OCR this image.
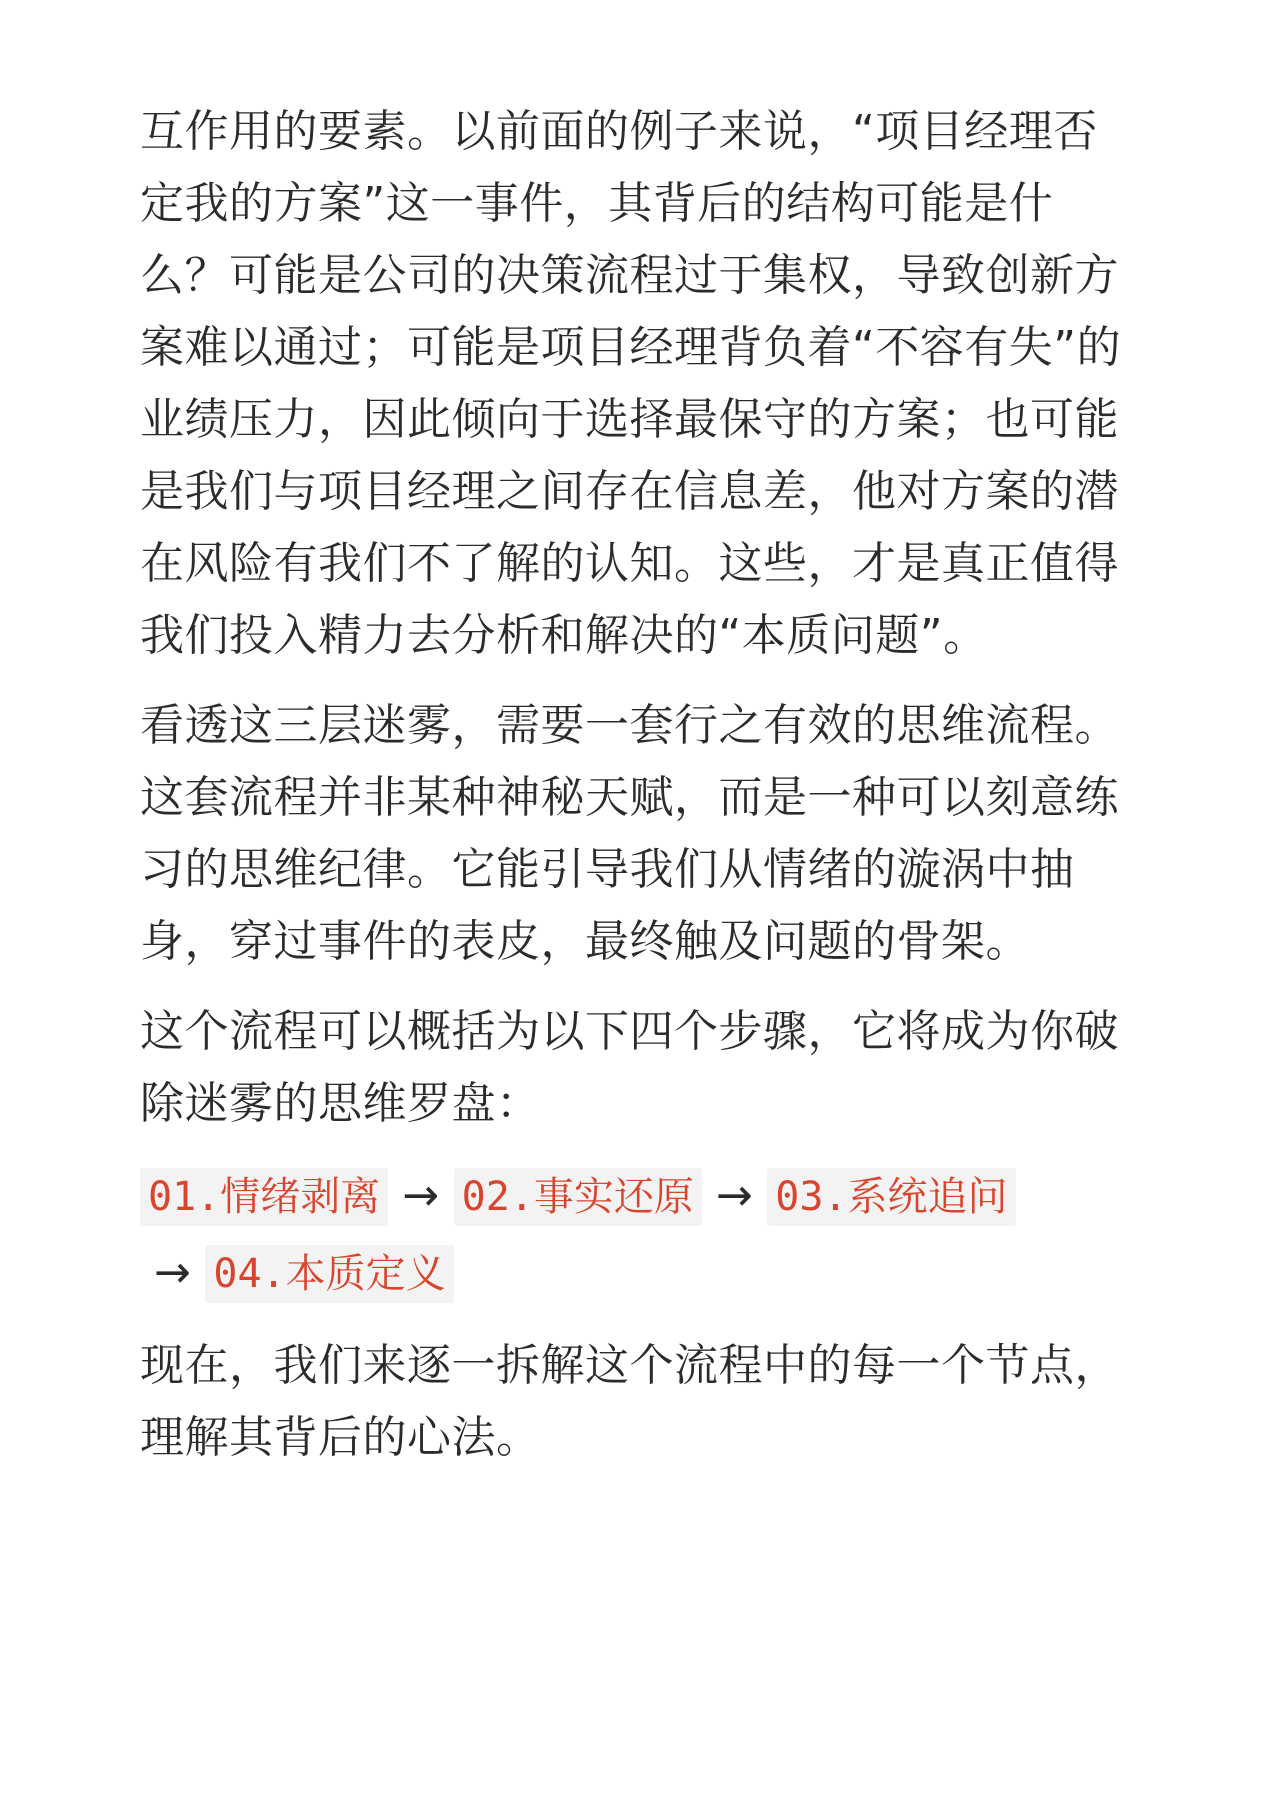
互作用的要素。以前面的例子来说，“项目经理否定我的方案”这一事件，其背后的结构可能是什么？可能是公司的决策流程过于集权，导致创新方案难以通过；可能是项目经理背负着“不容有失”的业绩压力，因此倾向于选择最保守的方案；也可能是我们与项目经理之间存在信息差，他对方案的潜在风险有我们不了解的认知。这些，才是真正值得我们投入精力去分析和解决的“本质问题”。

看透这三层迷雾，需要一套行之有效的思维流程。这套流程并非某种神秘天赋，而是一种可以刻意练习的思维纪律。它能引导我们从情绪的漩涡中抽身，穿过事件的表皮，最终触及问题的骨架。

这个流程可以概括为以下四个步骤，它将成为你破除迷雾的思维罗盘：

01.情绪剥离 → 02.事实还原 → 03.系统追问→ 04.本质定义

现在，我们来逐一拆解这个流程中的每一个节点，理解其背后的心法。
